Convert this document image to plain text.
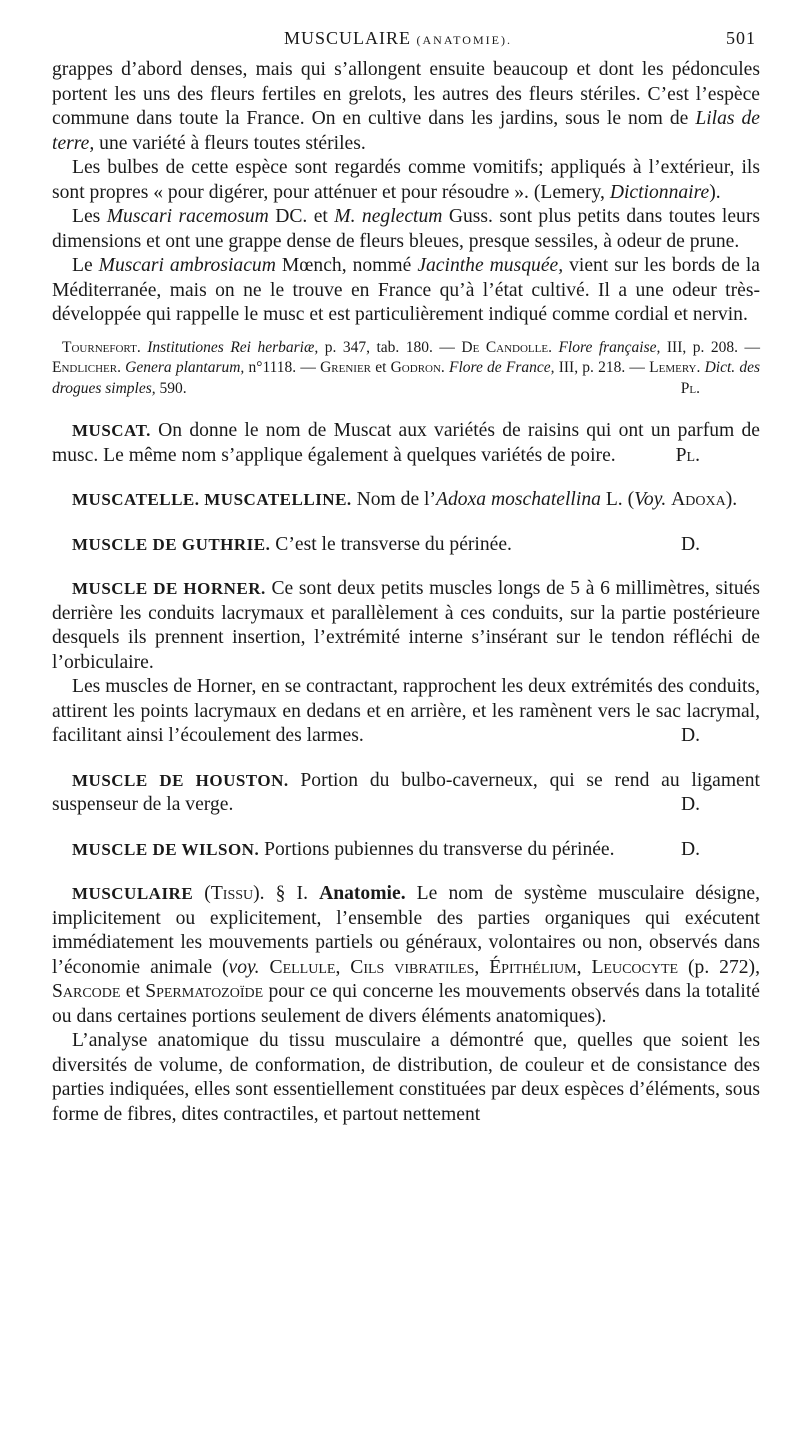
MUSCULAIRE (ANATOMIE).	501

grappes d’abord denses, mais qui s’allongent ensuite beaucoup et dont les pédoncules portent les uns des fleurs fertiles en grelots, les autres des fleurs stériles. C’est l’espèce commune dans toute la France. On en cultive dans les jardins, sous le nom de Lilas de terre, une variété à fleurs toutes stériles.

Les bulbes de cette espèce sont regardés comme vomitifs; appliqués à l’extérieur, ils sont propres « pour digérer, pour atténuer et pour résoudre ». (Lemery, Dictionnaire).

Les Muscari racemosum DC. et M. neglectum Guss. sont plus petits dans toutes leurs dimensions et ont une grappe dense de fleurs bleues, presque sessiles, à odeur de prune.

Le Muscari ambrosiacum Mœnch, nommé Jacinthe musquée, vient sur les bords de la Méditerranée, mais on ne le trouve en France qu’à l’état cultivé. Il a une odeur très-développée qui rappelle le musc et est particulièrement indiqué comme cordial et nervin.

Tournefort. Institutiones Rei herbariæ, p. 347, tab. 180. — De Candolle. Flore française, III, p. 208. — Endlicher. Genera plantarum, n°1118. — Grenier et Godron. Flore de France, III, p. 218. — Lemery. Dict. des drogues simples, 590.	Pl.

MUSCAT. On donne le nom de Muscat aux variétés de raisins qui ont un parfum de musc. Le même nom s’applique également à quelques variétés de poire.	Pl.

MUSCATELLE. MUSCATELLINE. Nom de l’Adoxa moschatellina L. (Voy. Adoxa).

MUSCLE DE GUTHRIE. C’est le transverse du périnée.	D.

MUSCLE DE HORNER. Ce sont deux petits muscles longs de 5 à 6 millimètres, situés derrière les conduits lacrymaux et parallèlement à ces conduits, sur la partie postérieure desquels ils prennent insertion, l’extrémité interne s’insérant sur le tendon réfléchi de l’orbiculaire.

Les muscles de Horner, en se contractant, rapprochent les deux extrémités des conduits, attirent les points lacrymaux en dedans et en arrière, et les ramènent vers le sac lacrymal, facilitant ainsi l’écoulement des larmes.	D.

MUSCLE DE HOUSTON. Portion du bulbo-caverneux, qui se rend au ligament suspenseur de la verge.	D.

MUSCLE DE WILSON. Portions pubiennes du transverse du périnée.	D.

MUSCULAIRE (Tissu). § I. Anatomie. Le nom de système musculaire désigne, implicitement ou explicitement, l’ensemble des parties organiques qui exécutent immédiatement les mouvements partiels ou généraux, volontaires ou non, observés dans l’économie animale (voy. Cellule, Cils vibratiles, Épithélium, Leucocyte (p. 272), Sarcode et Spermatozoïde pour ce qui concerne les mouvements observés dans la totalité ou dans certaines portions seulement de divers éléments anatomiques).

L’analyse anatomique du tissu musculaire a démontré que, quelles que soient les diversités de volume, de conformation, de distribution, de couleur et de consistance des parties indiquées, elles sont essentiellement constituées par deux espèces d’éléments, sous forme de fibres, dites contractiles, et partout nettement
